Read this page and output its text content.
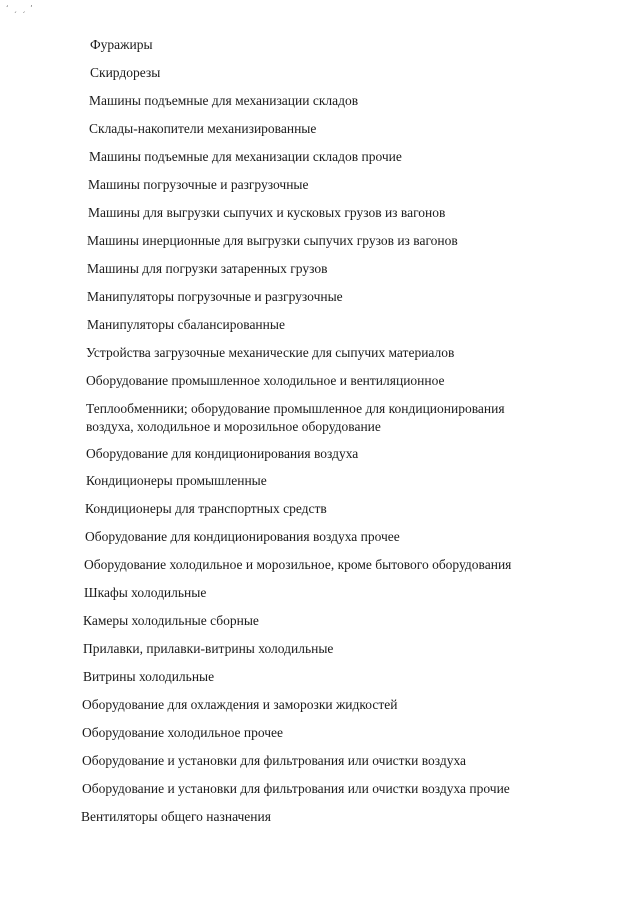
ʻ ˏ ˏ ʼ
Фуражиры
Скирдорезы
Машины подъемные для механизации складов
Склады-накопители механизированные
Машины подъемные для механизации складов прочие
Машины погрузочные и разгрузочные
Машины для выгрузки сыпучих и кусковых грузов из вагонов
Машины инерционные для выгрузки сыпучих грузов из вагонов
Машины для погрузки затаренных грузов
Манипуляторы погрузочные и разгрузочные
Манипуляторы сбалансированные
Устройства загрузочные механические для сыпучих материалов
Оборудование промышленное холодильное и вентиляционное
Теплообменники; оборудование промышленное для кондиционирования
воздуха, холодильное и морозильное оборудование
Оборудование для кондиционирования воздуха
Кондиционеры промышленные
Кондиционеры для транспортных средств
Оборудование для кондиционирования воздуха прочее
Оборудование холодильное и морозильное, кроме бытового оборудования
Шкафы холодильные
Камеры холодильные сборные
Прилавки, прилавки-витрины холодильные
Витрины холодильные
Оборудование для охлаждения и заморозки жидкостей
Оборудование холодильное прочее
Оборудование и установки для фильтрования или очистки воздуха
Оборудование и установки для фильтрования или очистки воздуха прочие
Вентиляторы общего назначения
